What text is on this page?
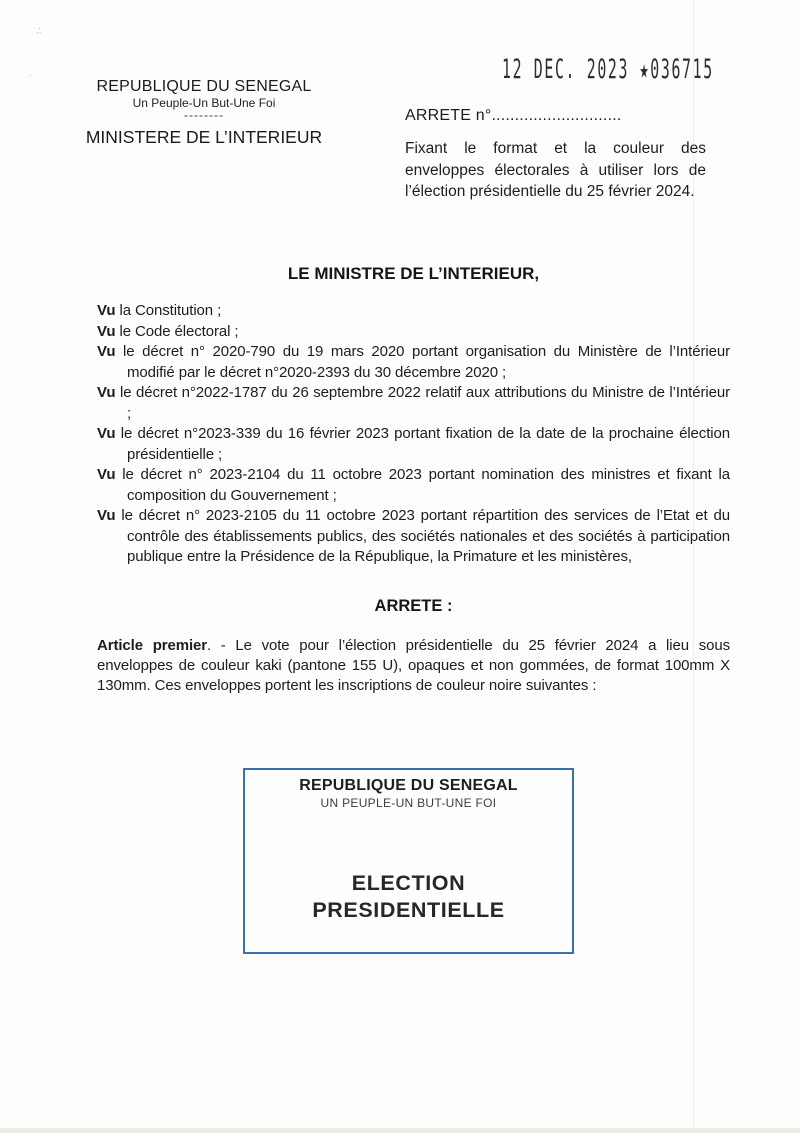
.:
.·	12 DEC. 2023 ★036715
REPUBLIQUE DU SENEGAL
Un Peuple-Un But-Une Foi
--------
MINISTERE DE L’INTERIEUR
ARRETE n°............................
Fixant le format et la couleur des enveloppes électorales à utiliser lors de l’élection présidentielle du 25 février 2024.
LE MINISTRE DE L’INTERIEUR,
Vu la Constitution ;
Vu le Code électoral ;
Vu le décret n° 2020-790 du 19 mars 2020 portant organisation du Ministère de l’Intérieur modifié par le décret n°2020-2393 du 30 décembre 2020 ;
Vu le décret n°2022-1787 du 26 septembre 2022 relatif aux attributions du Ministre de l’Intérieur ;
Vu le décret n°2023-339 du 16 février 2023 portant fixation de la date de la prochaine élection présidentielle ;
Vu le décret n° 2023-2104 du 11 octobre 2023 portant nomination des ministres et fixant la composition du Gouvernement ;
Vu le décret n° 2023-2105 du 11 octobre 2023 portant répartition des services de l’Etat et du contrôle des établissements publics, des sociétés nationales et des sociétés à participation publique entre la Présidence de la République, la Primature et les ministères,
ARRETE :
Article premier. - Le vote pour l’élection présidentielle du 25 février 2024 a lieu sous enveloppes de couleur kaki (pantone 155 U), opaques et non gommées, de format 100mm X 130mm. Ces enveloppes portent les inscriptions de couleur noire suivantes :
REPUBLIQUE DU SENEGAL
UN PEUPLE-UN BUT-UNE FOI
ELECTION
PRESIDENTIELLE
